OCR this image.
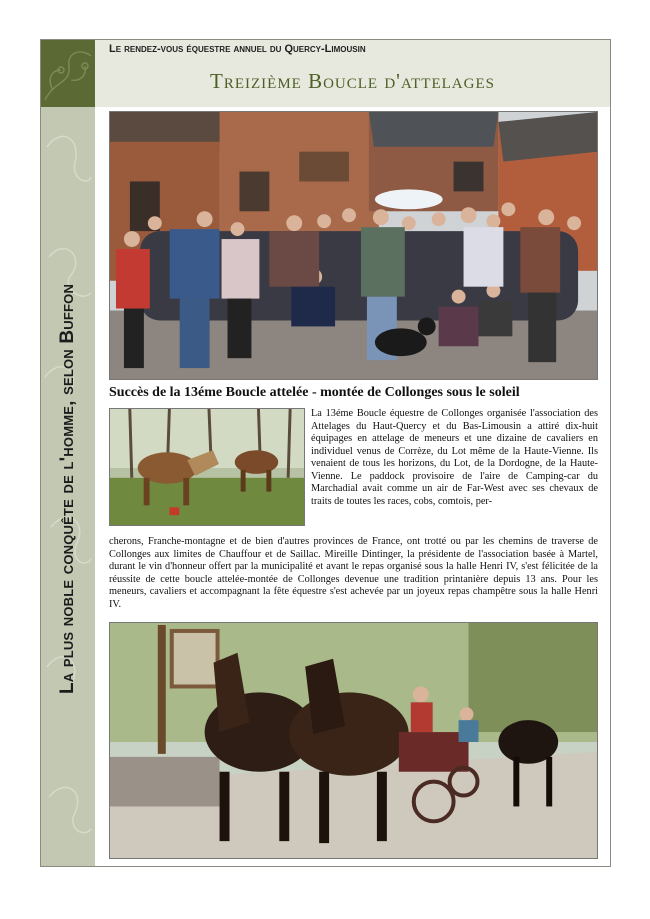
La plus noble conquête de l'homme, selon Buffon
Le rendez-vous équestre annuel du Quercy-Limousin
Treizième Boucle d'attelages
Succès de la 13éme Boucle attelée - montée de Collonges sous le soleil
La 13éme Boucle équestre de Collonges organisée l'association des Attelages du Haut-Quercy et du Bas-Limousin a attiré dix-huit équipages en attelage de meneurs et une dizaine de cavaliers en individuel venus de Corrèze, du Lot même de la Haute-Vienne. Ils venaient de tous les horizons, du Lot, de la Dordogne, de la Haute-Vienne. Le paddock provisoire de l'aire de Camping-car du Marchadial avait comme un air de Far-West avec ses chevaux de traits de toutes les races, cobs, comtois, per-
cherons, Franche-montagne et de bien d'autres provinces de France, ont trotté ou par les chemins de traverse de Collonges aux limites de Chauffour et de Saillac. Mireille Dintinger, la présidente de l'association basée à Martel, durant le vin d'honneur offert par la municipalité et avant le repas organisé sous la halle Henri IV, s'est félicitée de la réussite de cette boucle attelée-montée de Collonges devenue une tradition printanière depuis 13 ans. Pour les meneurs, cavaliers et accompagnant la fête équestre s'est achevée par un joyeux repas champêtre sous la halle Henri IV.
